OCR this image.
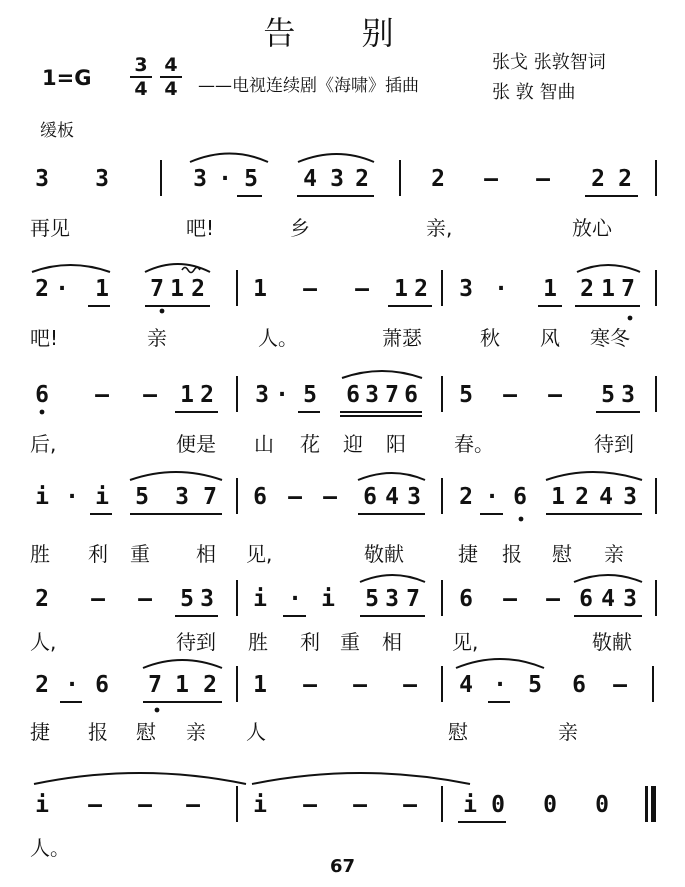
告 别
$1=G \frac{3}{4} \frac{4}{4}$ ——电视连续剧《海啸》插曲
张戈 张敦智词
张 敦 智曲
缓板
3 3	3 · 5 4 3 2	2 — — 2 2
再见	吧!	乡	亲,	放心
2 · 1 7 1 2 1 — — 1 2 3 · 1 2 1 7
吧!	亲	人。	萧瑟	秋 风 寒冬
6 — — 1 2 3 · 5 6 3 7 6 5 — — 5 3
后,	便是 山 花 迎 阳 春。	待到
i · i 5 3 7 6 — — 6 4 3 2 · 6 1 2 4 3
胜 利 重 相 见,	敬献	捷 报 慰 亲
2 — — 5 3 i · i 5 3 7 6 — — 6 4 3
人,	待到 胜 利 重 相	见,	敬献
2 · 6 7 1 2 1 — — — 4 · 5 6 —
捷 报 慰 亲 人	慰	亲
i — — — i — — — i 0 0 0
人。
67
